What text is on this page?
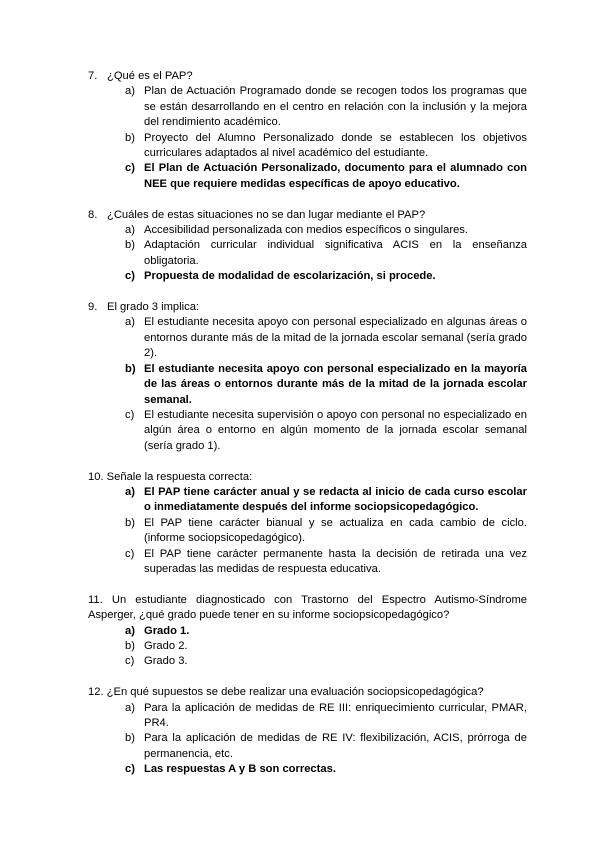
7. ¿Qué es el PAP?
a) Plan de Actuación Programado donde se recogen todos los programas que se están desarrollando en el centro en relación con la inclusión y la mejora del rendimiento académico.
b) Proyecto del Alumno Personalizado donde se establecen los objetivos curriculares adaptados al nivel académico del estudiante.
c) El Plan de Actuación Personalizado, documento para el alumnado con NEE que requiere medidas específicas de apoyo educativo.
8. ¿Cuáles de estas situaciones no se dan lugar mediante el PAP?
a) Accesibilidad personalizada con medios específicos o singulares.
b) Adaptación curricular individual significativa ACIS en la enseñanza obligatoria.
c) Propuesta de modalidad de escolarización, si procede.
9. El grado 3 implica:
a) El estudiante necesita apoyo con personal especializado en algunas áreas o entornos durante más de la mitad de la jornada escolar semanal (sería grado 2).
b) El estudiante necesita apoyo con personal especializado en la mayoría de las áreas o entornos durante más de la mitad de la jornada escolar semanal.
c) El estudiante necesita supervisión o apoyo con personal no especializado en algún área o entorno en algún momento de la jornada escolar semanal (sería grado 1).
10. Señale la respuesta correcta:
a) El PAP tiene carácter anual y se redacta al inicio de cada curso escolar o inmediatamente después del informe sociopsicopedagógico.
b) El PAP tiene carácter bianual y se actualiza en cada cambio de ciclo. (informe sociopsicopedagógico).
c) El PAP tiene carácter permanente hasta la decisión de retirada una vez superadas las medidas de respuesta educativa.
11. Un estudiante diagnosticado con Trastorno del Espectro Autismo-Síndrome Asperger, ¿qué grado puede tener en su informe sociopsicopedagógico?
a) Grado 1.
b) Grado 2.
c) Grado 3.
12. ¿En qué supuestos se debe realizar una evaluación sociopsicopedagógica?
a) Para la aplicación de medidas de RE III: enriquecimiento curricular, PMAR, PR4.
b) Para la aplicación de medidas de RE IV: flexibilización, ACIS, prórroga de permanencia, etc.
c) Las respuestas A y B son correctas.
